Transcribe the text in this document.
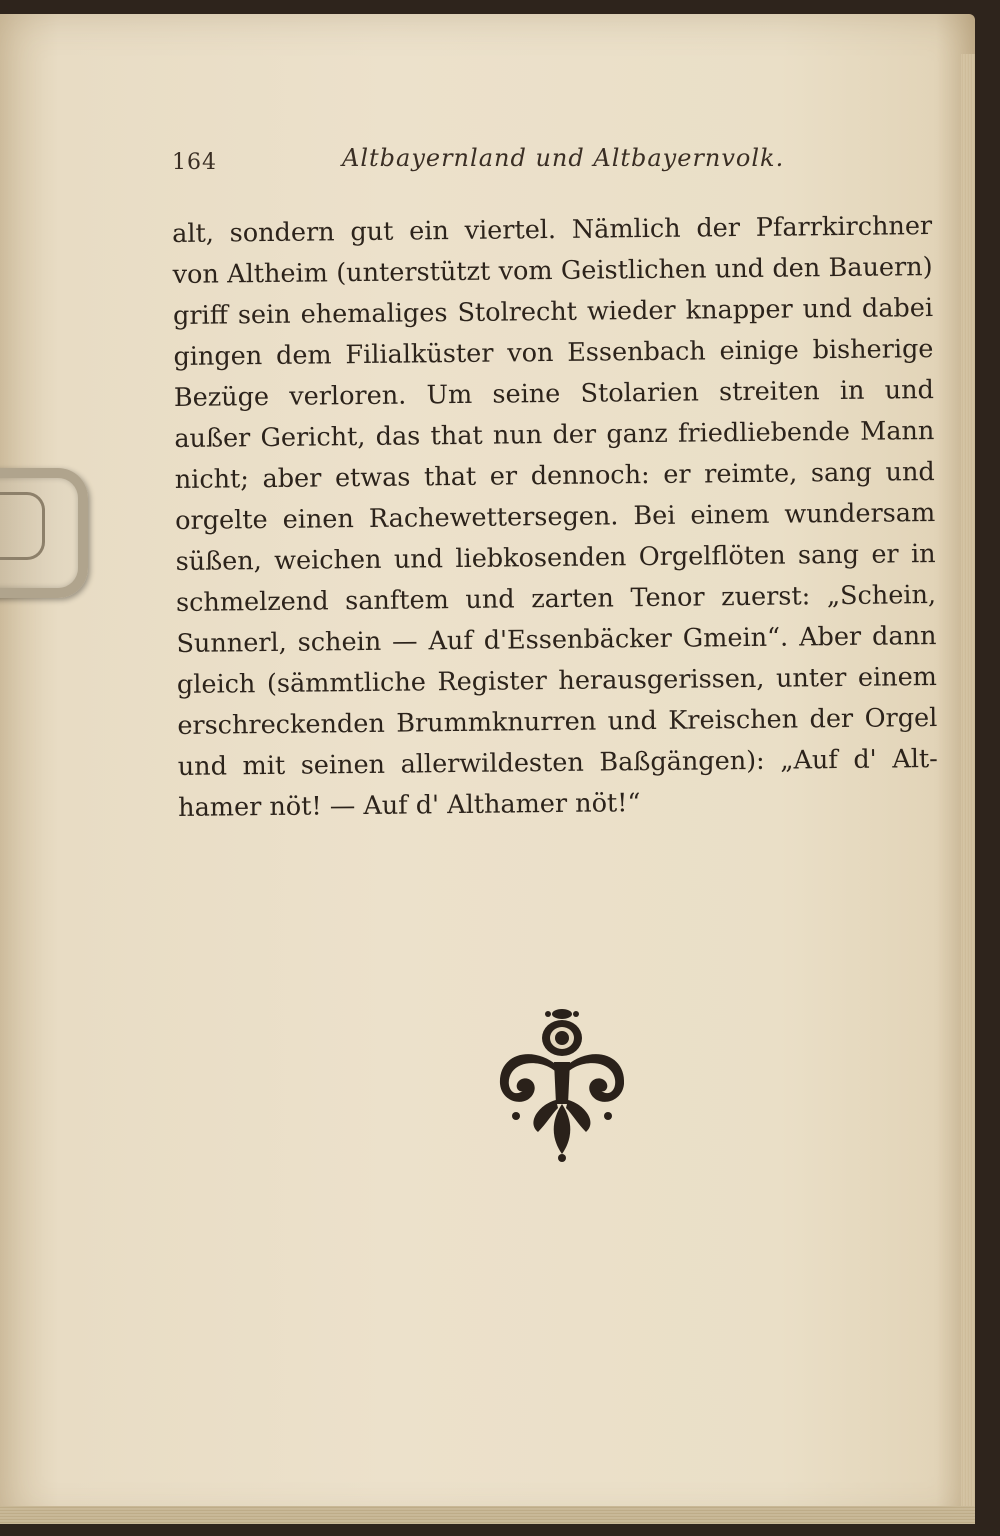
164	Altbayernland und Altbayernvolk.
alt, sondern gut ein viertel. Nämlich der Pfarrkirchner
von Altheim (unterstützt vom Geistlichen und den Bauern)
griff sein ehemaliges Stolrecht wieder knapper und dabei
gingen dem Filialküster von Essenbach einige bisherige
Bezüge verloren. Um seine Stolarien streiten in und
außer Gericht, das that nun der ganz friedliebende Mann
nicht; aber etwas that er dennoch: er reimte, sang und
orgelte einen Rachewettersegen. Bei einem wundersam
süßen, weichen und liebkosenden Orgelflöten sang er in
schmelzend sanftem und zarten Tenor zuerst: „Schein,
Sunnerl, schein — Auf d'Essenbäcker Gmein“. Aber dann
gleich (sämmtliche Register herausgerissen, unter einem
erschreckenden Brummknurren und Kreischen der Orgel
und mit seinen allerwildesten Baßgängen): „Auf d' Alt-
hamer nöt! — Auf d' Althamer nöt!“
